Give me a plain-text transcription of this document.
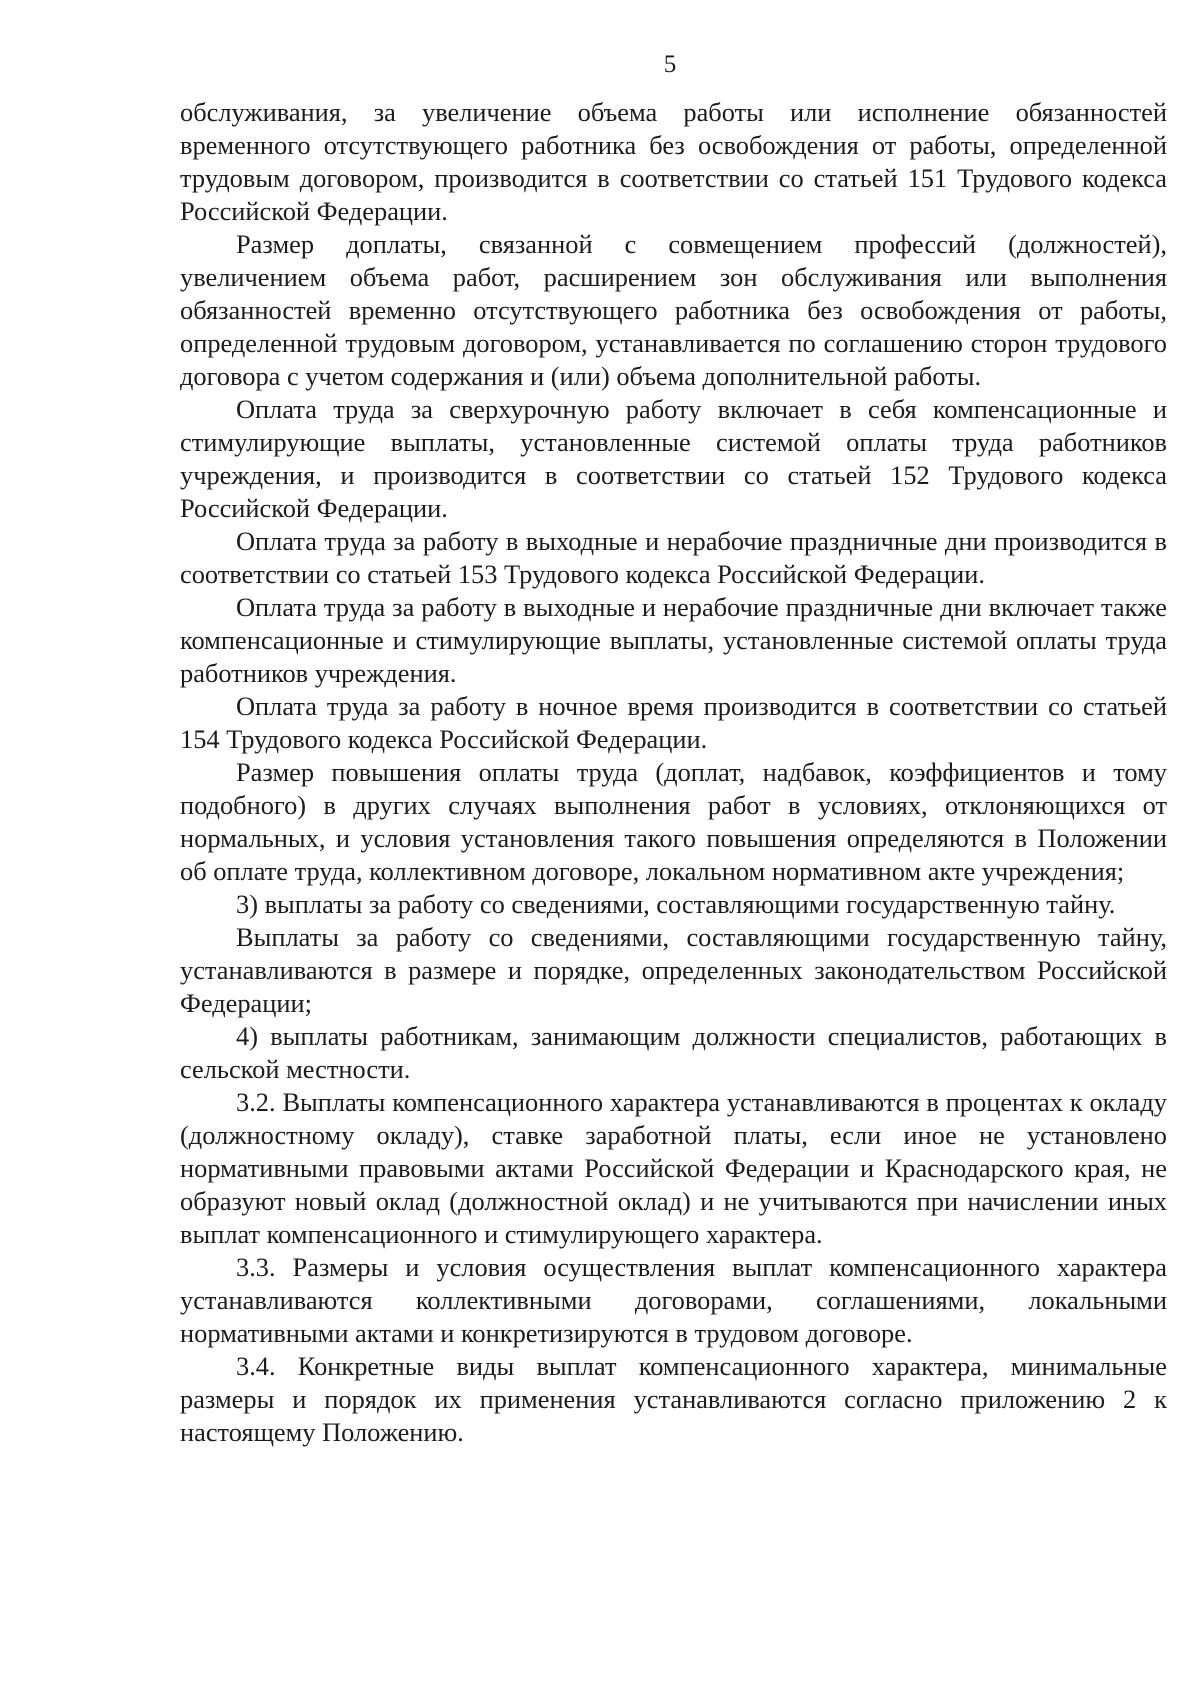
5

обслуживания, за увеличение объема работы или исполнение обязанностей временного отсутствующего работника без освобождения от работы, определенной трудовым договором, производится в соответствии со статьей 151 Трудового кодекса Российской Федерации.

Размер доплаты, связанной с совмещением профессий (должностей), увеличением объема работ, расширением зон обслуживания или выполнения обязанностей временно отсутствующего работника без освобождения от работы, определенной трудовым договором, устанавливается по соглашению сторон трудового договора с учетом содержания и (или) объема дополнительной работы.

Оплата труда за сверхурочную работу включает в себя компенсационные и стимулирующие выплаты, установленные системой оплаты труда работников учреждения, и производится в соответствии со статьей 152 Трудового кодекса Российской Федерации.

Оплата труда за работу в выходные и нерабочие праздничные дни производится в соответствии со статьей 153 Трудового кодекса Российской Федерации.

Оплата труда за работу в выходные и нерабочие праздничные дни включает также компенсационные и стимулирующие выплаты, установленные системой оплаты труда работников учреждения.

Оплата труда за работу в ночное время производится в соответствии со статьей 154 Трудового кодекса Российской Федерации.

Размер повышения оплаты труда (доплат, надбавок, коэффициентов и тому подобного) в других случаях выполнения работ в условиях, отклоняющихся от нормальных, и условия установления такого повышения определяются в Положении об оплате труда, коллективном договоре, локальном нормативном акте учреждения;

3) выплаты за работу со сведениями, составляющими государственную тайну.

Выплаты за работу со сведениями, составляющими государственную тайну, устанавливаются в размере и порядке, определенных законодательством Российской Федерации;

4) выплаты работникам, занимающим должности специалистов, работающих в сельской местности.

3.2. Выплаты компенсационного характера устанавливаются в процентах к окладу (должностному окладу), ставке заработной платы, если иное не установлено нормативными правовыми актами Российской Федерации и Краснодарского края, не образуют новый оклад (должностной оклад) и не учитываются при начислении иных выплат компенсационного и стимулирующего характера.

3.3. Размеры и условия осуществления выплат компенсационного характера устанавливаются коллективными договорами, соглашениями, локальными нормативными актами и конкретизируются в трудовом договоре.

3.4. Конкретные виды выплат компенсационного характера, минимальные размеры и порядок их применения устанавливаются согласно приложению 2 к настоящему Положению.
